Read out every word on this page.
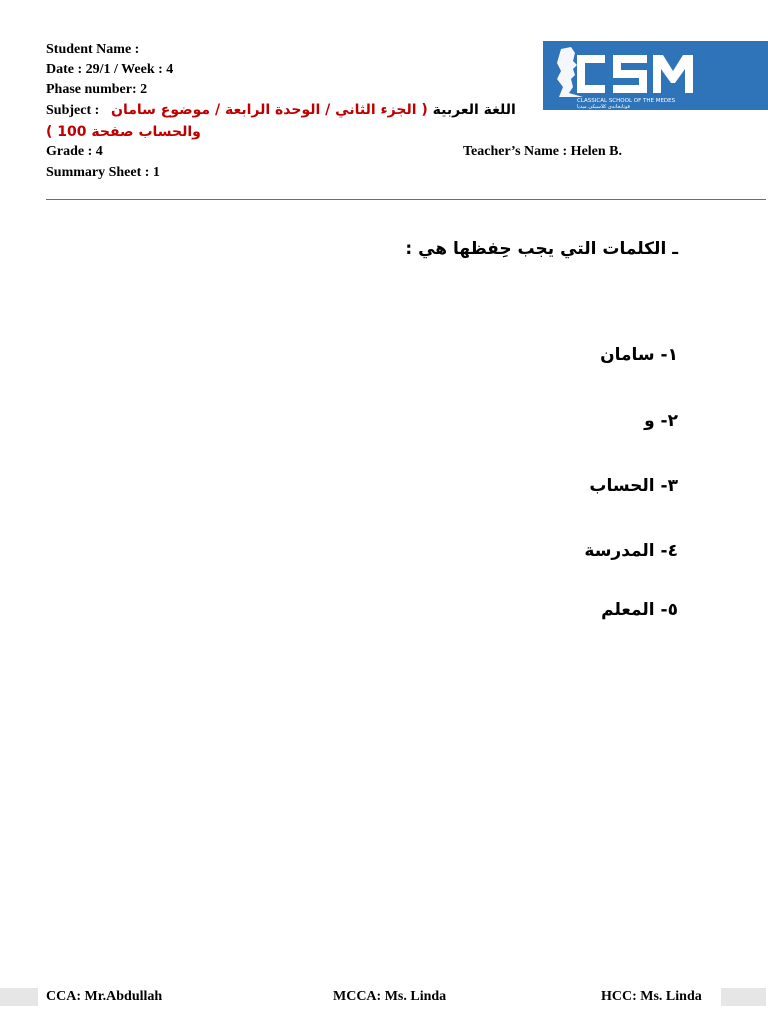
Student Name :
Date : 29/1 / Week : 4
Phase number: 2
Subject :	اللغة العربية ( الجزء الثاني / الوحدة الرابعة / موضوع سامان
والحساب صفحة 100 )
Grade : 4	Teacher’s Name : Helen B.
Summary Sheet : 1
CLASSICAL SCHOOL OF THE MEDES
قوتابخانەی کلاسیکی میدیا
ـ الكلمات التي يجب حِفظها هي :
١- سامان
٢- و
٣- الحساب
٤- المدرسة
٥- المعلم
CCA: Mr.Abdullah	MCCA: Ms. Linda	HCC: Ms. Linda
